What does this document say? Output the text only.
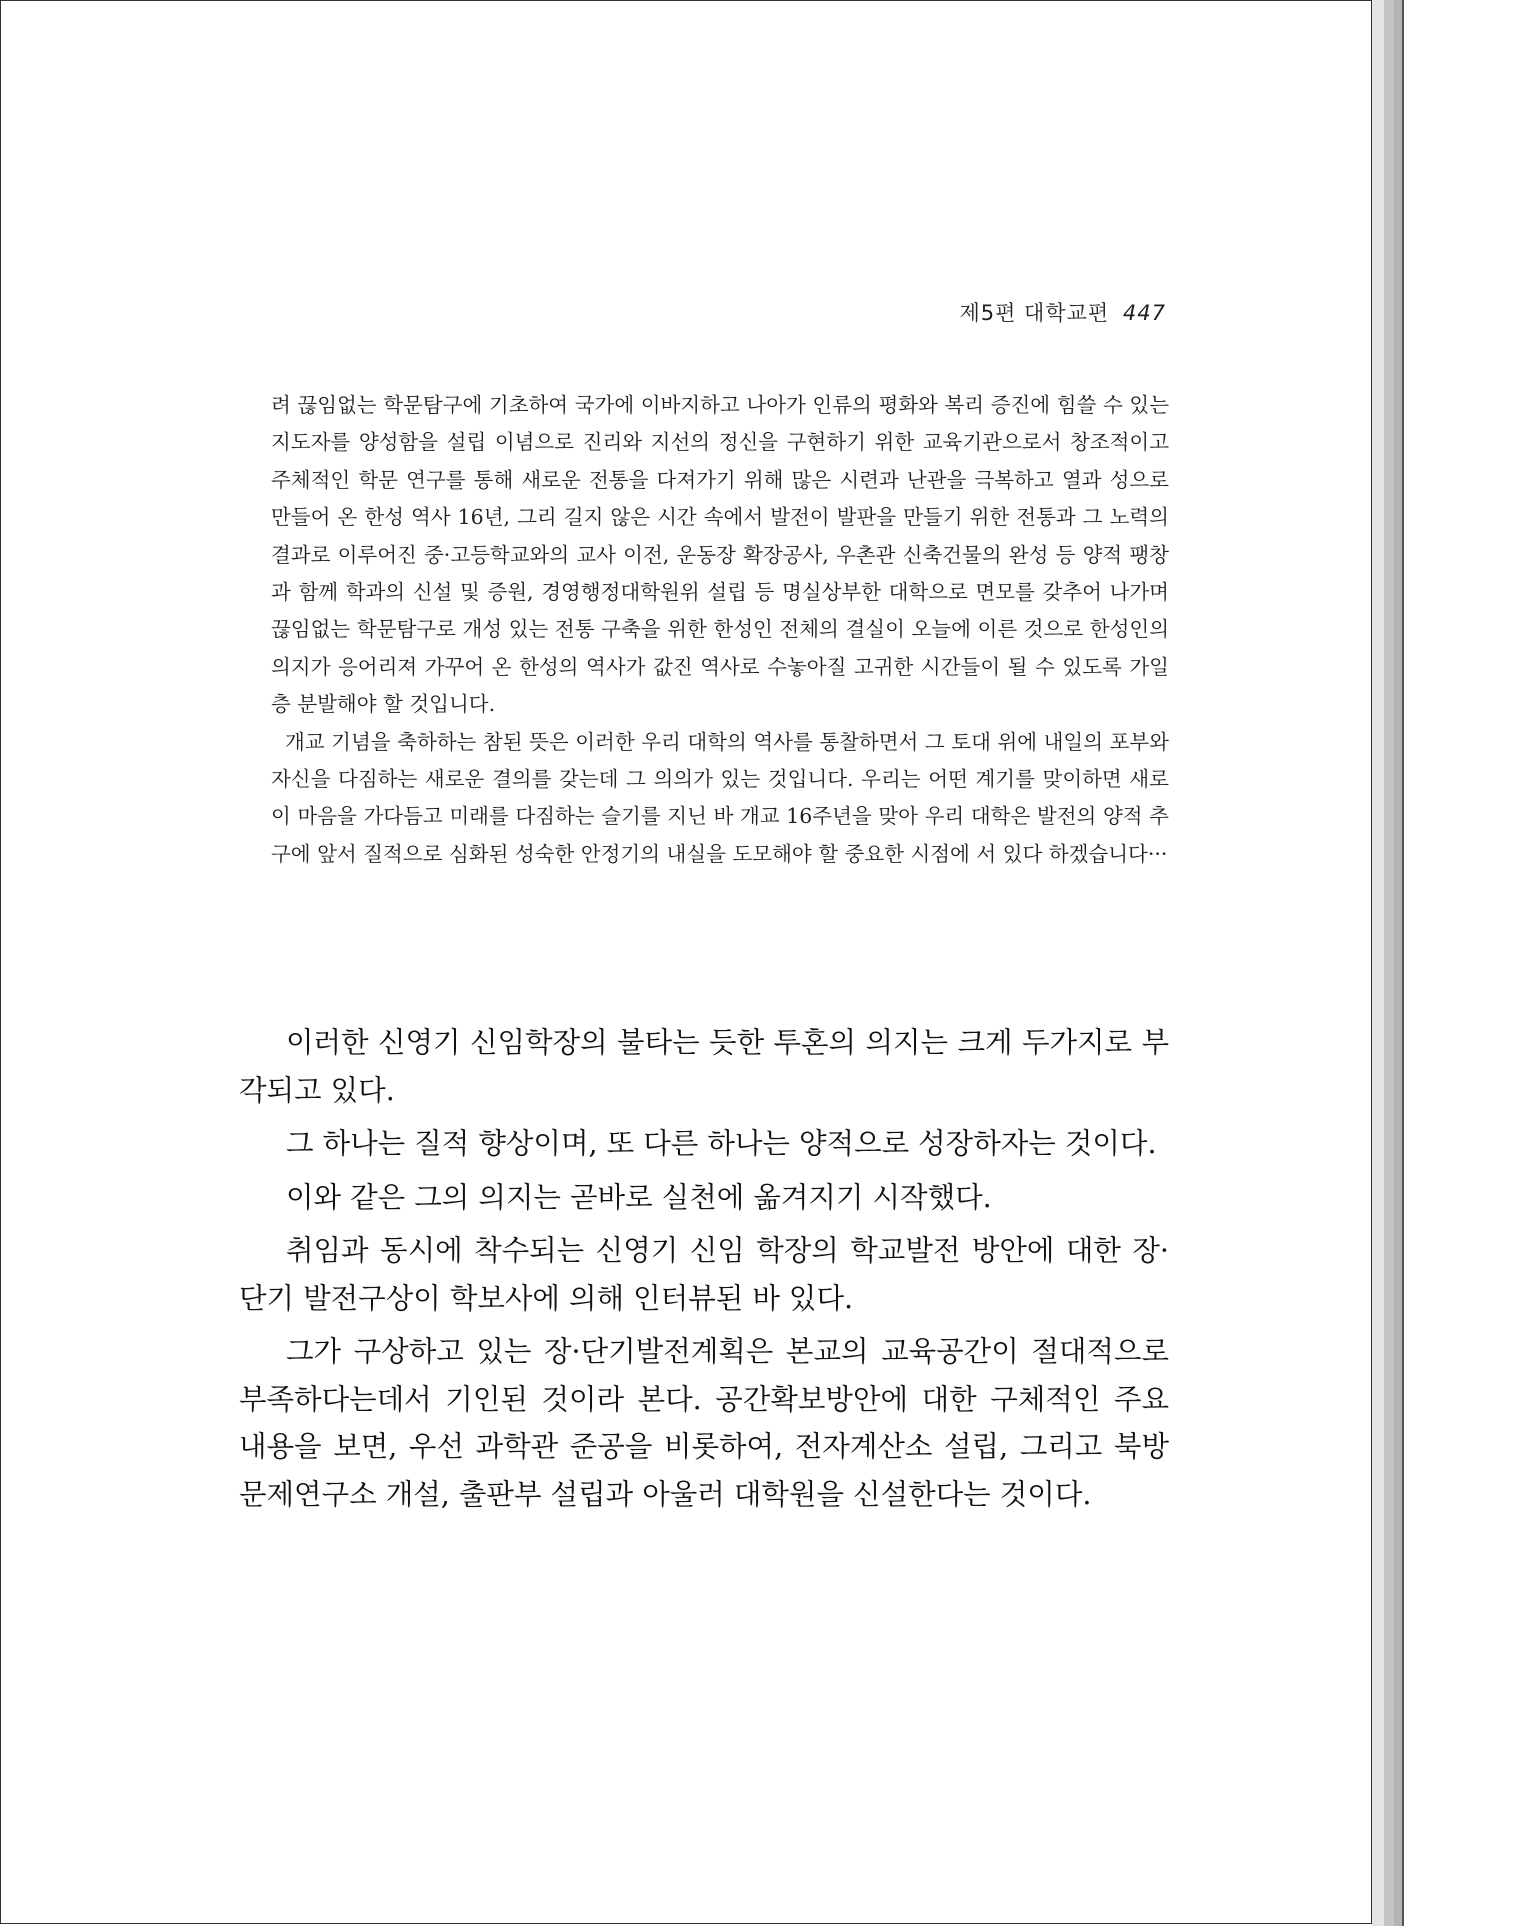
제5편 대학교편 447

려 끊임없는 학문탐구에 기초하여 국가에 이바지하고 나아가 인류의 평화와 복리 증진에 힘쓸 수 있는 지도자를 양성함을 설립 이념으로 진리와 지선의 정신을 구현하기 위한 교육기관으로서 창조적이고 주체적인 학문 연구를 통해 새로운 전통을 다져가기 위해 많은 시련과 난관을 극복하고 열과 성으로 만들어 온 한성 역사 16년, 그리 길지 않은 시간 속에서 발전이 발판을 만들기 위한 전통과 그 노력의 결과로 이루어진 중·고등학교와의 교사 이전, 운동장 확장공사, 우촌관 신축건물의 완성 등 양적 팽창과 함께 학과의 신설 및 증원, 경영행정대학원위 설립 등 명실상부한 대학으로 면모를 갖추어 나가며 끊임없는 학문탐구로 개성 있는 전통 구축을 위한 한성인 전체의 결실이 오늘에 이른 것으로 한성인의 의지가 응어리져 가꾸어 온 한성의 역사가 값진 역사로 수놓아질 고귀한 시간들이 될 수 있도록 가일층 분발해야 할 것입니다.

개교 기념을 축하하는 참된 뜻은 이러한 우리 대학의 역사를 통찰하면서 그 토대 위에 내일의 포부와 자신을 다짐하는 새로운 결의를 갖는데 그 의의가 있는 것입니다. 우리는 어떤 계기를 맞이하면 새로이 마음을 가다듬고 미래를 다짐하는 슬기를 지닌 바 개교 16주년을 맞아 우리 대학은 발전의 양적 추구에 앞서 질적으로 심화된 성숙한 안정기의 내실을 도모해야 할 중요한 시점에 서 있다 하겠습니다···

이러한 신영기 신임학장의 불타는 듯한 투혼의 의지는 크게 두가지로 부각되고 있다.

그 하나는 질적 향상이며, 또 다른 하나는 양적으로 성장하자는 것이다.

이와 같은 그의 의지는 곧바로 실천에 옮겨지기 시작했다.

취임과 동시에 착수되는 신영기 신임 학장의 학교발전 방안에 대한 장· 단기 발전구상이 학보사에 의해 인터뷰된 바 있다.

그가 구상하고 있는 장·단기발전계획은 본교의 교육공간이 절대적으로 부족하다는데서 기인된 것이라 본다. 공간확보방안에 대한 구체적인 주요 내용을 보면, 우선 과학관 준공을 비롯하여, 전자계산소 설립, 그리고 북방문제연구소 개설, 출판부 설립과 아울러 대학원을 신설한다는 것이다.
